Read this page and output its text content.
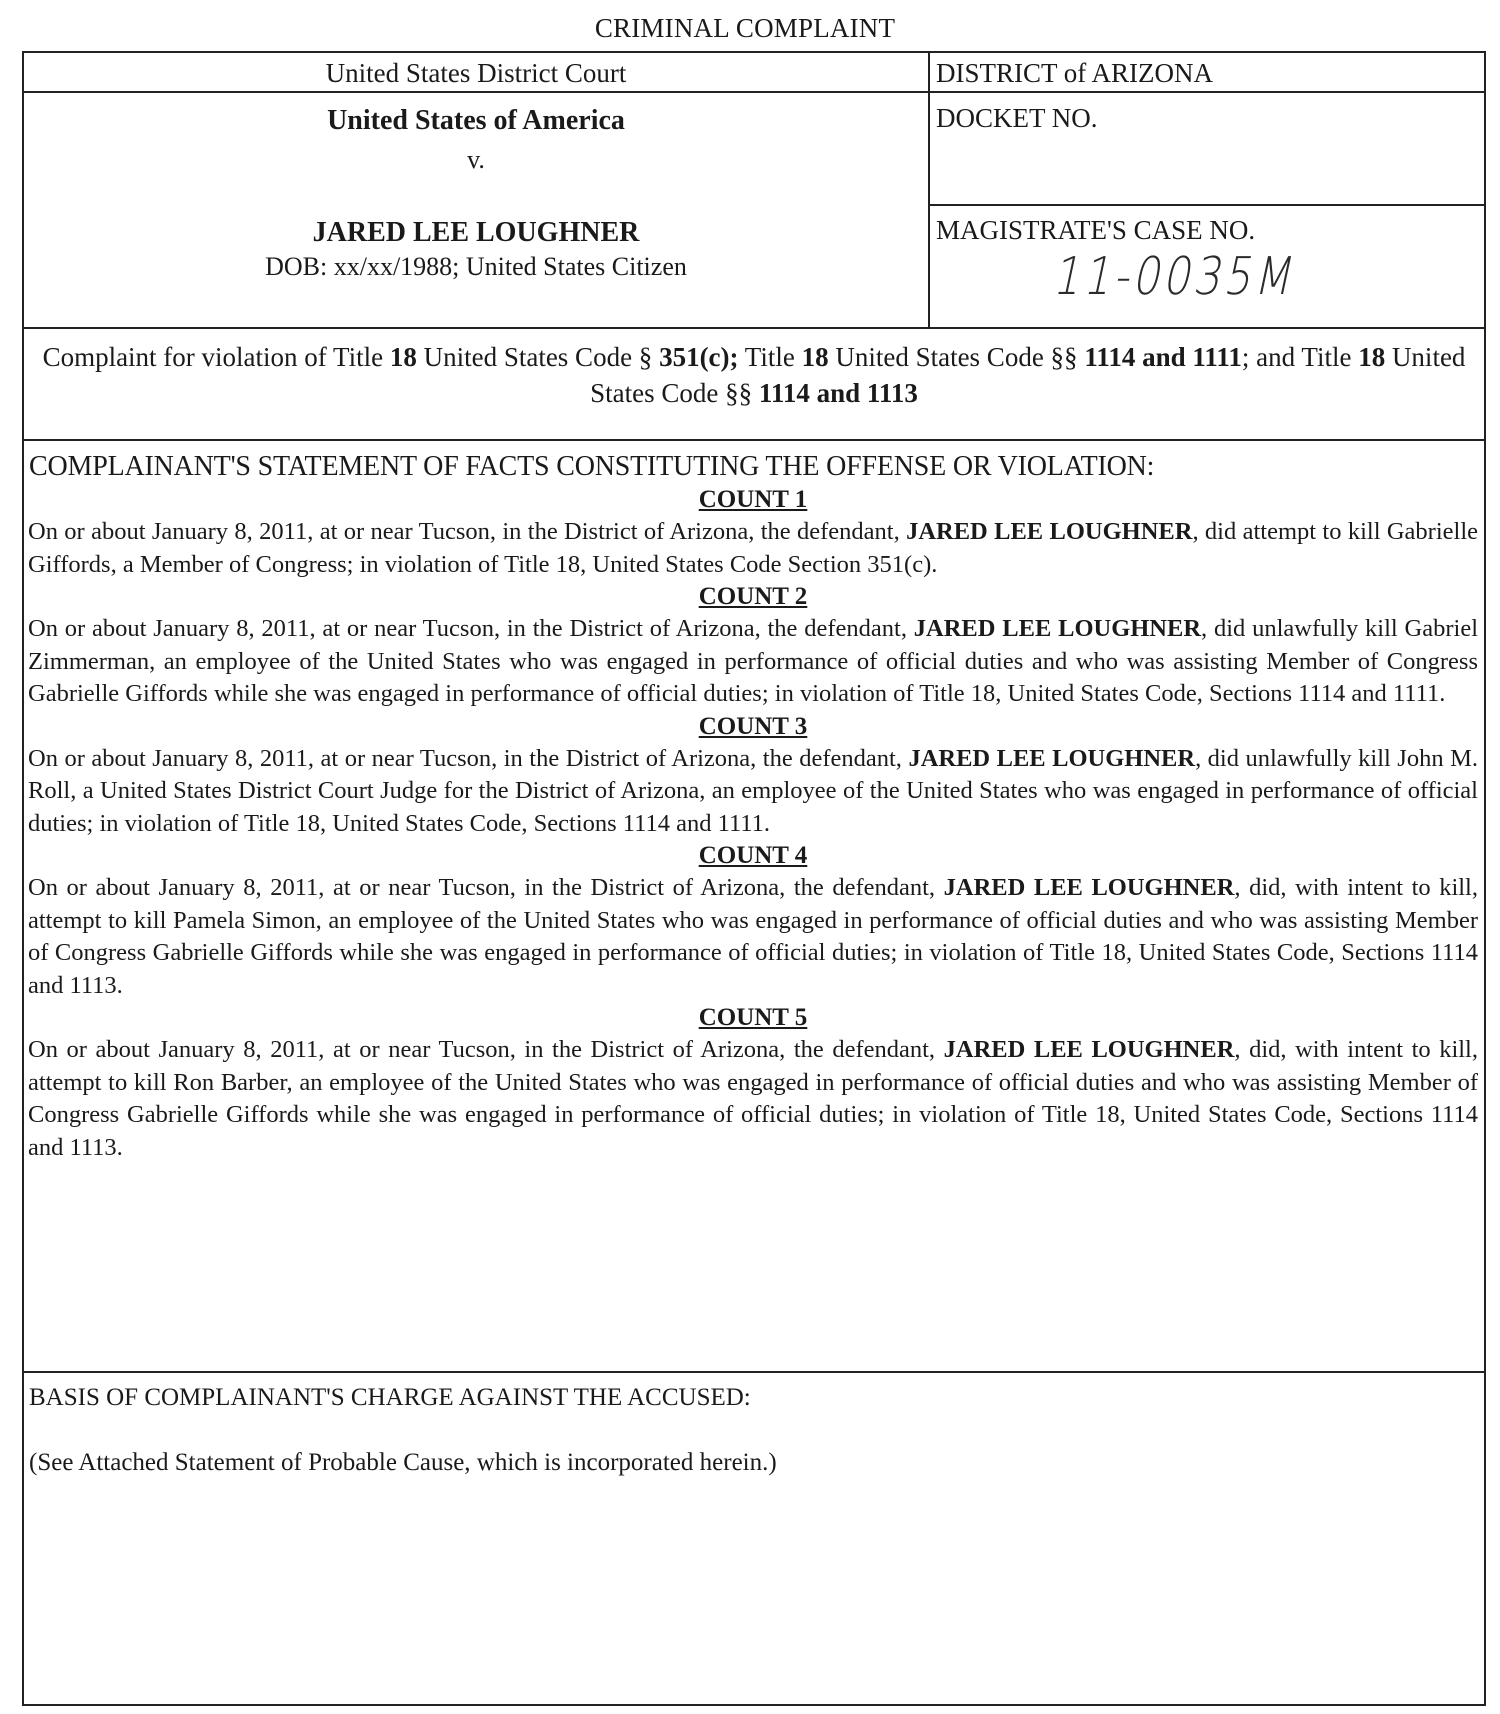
CRIMINAL COMPLAINT
United States District Court	DISTRICT of ARIZONA
United States of America
v.
JARED LEE LOUGHNER
DOB: xx/xx/1988; United States Citizen
DOCKET NO.
MAGISTRATE'S CASE NO.
11-0035M
Complaint for violation of Title 18 United States Code § 351(c); Title 18 United States Code §§ 1114 and 1111; and Title 18 United States Code §§ 1114 and 1113
COMPLAINANT'S STATEMENT OF FACTS CONSTITUTING THE OFFENSE OR VIOLATION:
COUNT 1
On or about January 8, 2011, at or near Tucson, in the District of Arizona, the defendant, JARED LEE LOUGHNER, did attempt to kill Gabrielle Giffords, a Member of Congress; in violation of Title 18, United States Code Section 351(c).
COUNT 2
On or about January 8, 2011, at or near Tucson, in the District of Arizona, the defendant, JARED LEE LOUGHNER, did unlawfully kill Gabriel Zimmerman, an employee of the United States who was engaged in performance of official duties and who was assisting Member of Congress Gabrielle Giffords while she was engaged in performance of official duties; in violation of Title 18, United States Code, Sections 1114 and 1111.
COUNT 3
On or about January 8, 2011, at or near Tucson, in the District of Arizona, the defendant, JARED LEE LOUGHNER, did unlawfully kill John M. Roll, a United States District Court Judge for the District of Arizona, an employee of the United States who was engaged in performance of official duties; in violation of Title 18, United States Code, Sections 1114 and 1111.
COUNT 4
On or about January 8, 2011, at or near Tucson, in the District of Arizona, the defendant, JARED LEE LOUGHNER, did, with intent to kill, attempt to kill Pamela Simon, an employee of the United States who was engaged in performance of official duties and who was assisting Member of Congress Gabrielle Giffords while she was engaged in performance of official duties; in violation of Title 18, United States Code, Sections 1114 and 1113.
COUNT 5
On or about January 8, 2011, at or near Tucson, in the District of Arizona, the defendant, JARED LEE LOUGHNER, did, with intent to kill, attempt to kill Ron Barber, an employee of the United States who was engaged in performance of official duties and who was assisting Member of Congress Gabrielle Giffords while she was engaged in performance of official duties; in violation of Title 18, United States Code, Sections 1114 and 1113.
BASIS OF COMPLAINANT'S CHARGE AGAINST THE ACCUSED:
(See Attached Statement of Probable Cause, which is incorporated herein.)
